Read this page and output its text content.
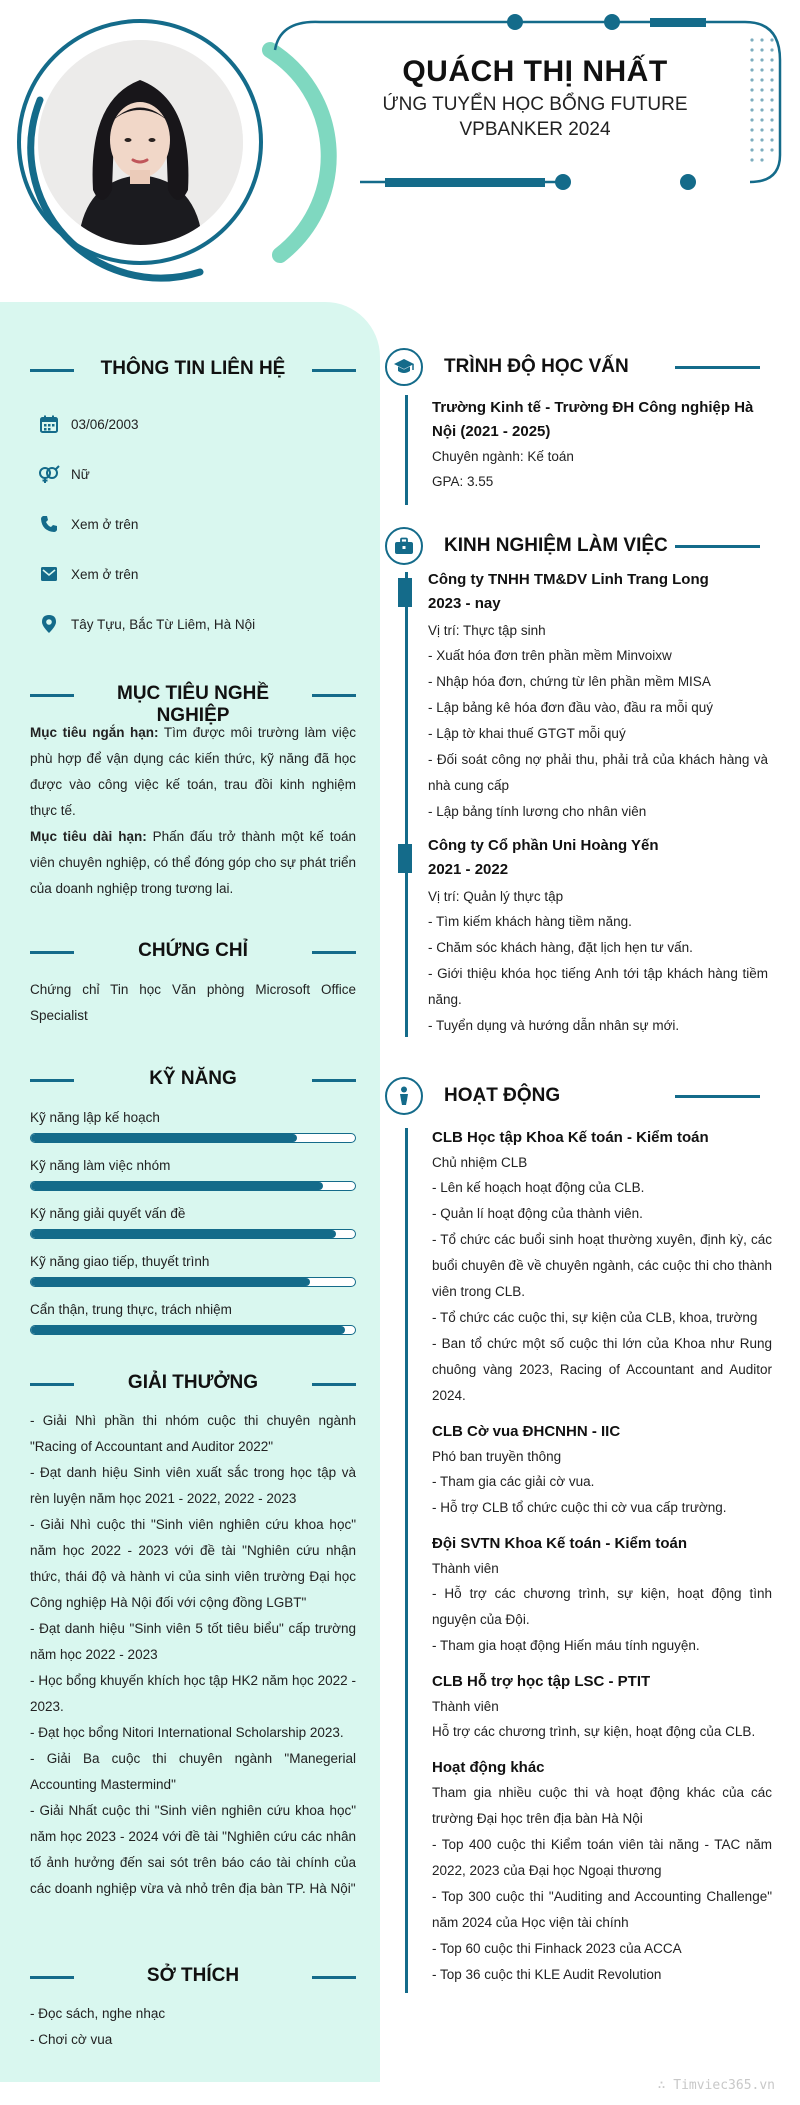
QUÁCH THỊ NHẤT
ỨNG TUYỂN HỌC BỔNG FUTURE
VPBANKER 2024
THÔNG TIN LIÊN HỆ
03/06/2003
Nữ
Xem ở trên
Xem ở trên
Tây Tựu, Bắc Từ Liêm, Hà Nội
MỤC TIÊU NGHỀ NGHIỆP
Mục tiêu ngắn hạn: Tìm được môi trường làm việc phù hợp để vận dụng các kiến thức, kỹ năng đã học được vào công việc kế toán, trau đồi kinh nghiệm thực tế.
Mục tiêu dài hạn: Phấn đấu trở thành một kế toán viên chuyên nghiệp, có thể đóng góp cho sự phát triển của doanh nghiệp trong tương lai.
CHỨNG CHỈ
Chứng chỉ Tin học Văn phòng Microsoft Office Specialist
KỸ NĂNG
Kỹ năng lập kế hoạch
Kỹ năng làm việc nhóm
Kỹ năng giải quyết vấn đề
Kỹ năng giao tiếp, thuyết trình
Cẩn thận, trung thực, trách nhiệm
GIẢI THƯỞNG
- Giải Nhì phần thi nhóm cuộc thi chuyên ngành "Racing of Accountant and Auditor 2022"
- Đạt danh hiệu Sinh viên xuất sắc trong học tập và rèn luyện năm học 2021 - 2022, 2022 - 2023
- Giải Nhì cuộc thi "Sinh viên nghiên cứu khoa học" năm học 2022 - 2023 với đề tài "Nghiên cứu nhận thức, thái độ và hành vi của sinh viên trường Đại học Công nghiệp Hà Nội đối với cộng đồng LGBT"
- Đạt danh hiệu "Sinh viên 5 tốt tiêu biểu" cấp trường năm học 2022 - 2023
- Học bổng khuyến khích học tập HK2 năm học 2022 - 2023.
- Đạt học bổng Nitori International Scholarship 2023.
- Giải Ba cuộc thi chuyên ngành "Manegerial Accounting Mastermind"
- Giải Nhất cuộc thi "Sinh viên nghiên cứu khoa học" năm học 2023 - 2024 với đề tài "Nghiên cứu các nhân tố ảnh hưởng đến sai sót trên báo cáo tài chính của các doanh nghiệp vừa và nhỏ trên địa bàn TP. Hà Nội"
SỞ THÍCH
- Đọc sách, nghe nhạc
- Chơi cờ vua
TRÌNH ĐỘ HỌC VẤN
Trường Kinh tế - Trường ĐH Công nghiệp Hà Nội (2021 - 2025)
Chuyên ngành: Kế toán
GPA: 3.55
KINH NGHIỆM LÀM VIỆC
Công ty TNHH TM&DV Linh Trang Long
2023 - nay
Vị trí: Thực tập sinh
- Xuất hóa đơn trên phần mềm Minvoixw
- Nhập hóa đơn, chứng từ lên phần mềm MISA
- Lập bảng kê hóa đơn đầu vào, đầu ra mỗi quý
- Lập tờ khai thuế GTGT mỗi quý
- Đối soát công nợ phải thu, phải trả của khách hàng và nhà cung cấp
- Lập bảng tính lương cho nhân viên
Công ty Cổ phần Uni Hoàng Yến
2021 - 2022
Vị trí: Quản lý thực tập
- Tìm kiếm khách hàng tiềm năng.
- Chăm sóc khách hàng, đặt lịch hẹn tư vấn.
- Giới thiệu khóa học tiếng Anh tới tập khách hàng tiềm năng.
- Tuyển dụng và hướng dẫn nhân sự mới.
HOẠT ĐỘNG
CLB Học tập Khoa Kế toán - Kiểm toán
Chủ nhiệm CLB
- Lên kế hoạch hoạt động của CLB.
- Quản lí hoạt động của thành viên.
- Tổ chức các buổi sinh hoạt thường xuyên, định kỳ, các buổi chuyên đề về chuyên ngành, các cuộc thi cho thành viên trong CLB.
- Tổ chức các cuộc thi, sự kiện của CLB, khoa, trường
- Ban tổ chức một số cuộc thi lớn của Khoa như Rung chuông vàng 2023, Racing of Accountant and Auditor 2024.
CLB Cờ vua ĐHCNHN - IIC
Phó ban truyền thông
- Tham gia các giải cờ vua.
- Hỗ trợ CLB tổ chức cuộc thi cờ vua cấp trường.
Đội SVTN Khoa Kế toán - Kiểm toán
Thành viên
- Hỗ trợ các chương trình, sự kiện, hoạt động tình nguyện của Đội.
- Tham gia hoạt động Hiến máu tính nguyện.
CLB Hỗ trợ học tập LSC - PTIT
Thành viên
Hỗ trợ các chương trình, sự kiện, hoạt động của CLB.
Hoạt động khác
Tham gia nhiều cuộc thi và hoạt động khác của các trường Đại học trên địa bàn Hà Nội
- Top 400 cuộc thi Kiểm toán viên tài năng - TAC năm 2022, 2023 của Đại học Ngoại thương
- Top 300 cuộc thi "Auditing and Accounting Challenge" năm 2024 của Học viện tài chính
- Top 60 cuộc thi Finhack 2023 của ACCA
- Top 36 cuộc thi KLE Audit Revolution
∴ Timviec365.vn
